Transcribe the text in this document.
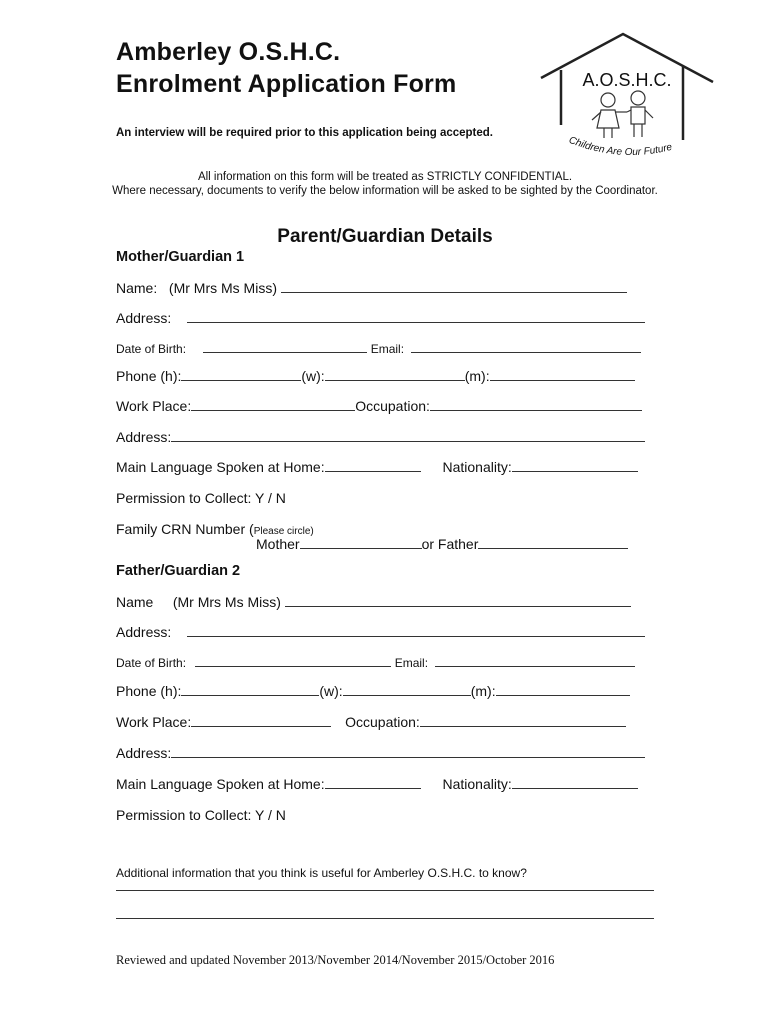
Amberley O.S.H.C.
Enrolment Application Form
An interview will be required prior to this application being accepted.
A.O.S.H.C.
Children Are Our Future
All information on this form will be treated as STRICTLY CONFIDENTIAL.
Where necessary, documents to verify the below information will be asked to be sighted by the Coordinator.
Parent/Guardian Details
Mother/Guardian 1
Name: (Mr Mrs Ms Miss)
Address:
Date of Birth:	Email:
Phone (h):	(w):	(m):
Work Place:	Occupation:
Address:
Main Language Spoken at Home:	Nationality:
Permission to Collect: Y / N
Family CRN Number (Please circle)
Mother	or Father
Father/Guardian 2
Name (Mr Mrs Ms Miss)
Address:
Date of Birth:	Email:
Phone (h):	(w):	(m):
Work Place:	Occupation:
Address:
Main Language Spoken at Home:	Nationality:
Permission to Collect: Y / N
Additional information that you think is useful for Amberley O.S.H.C. to know?
Reviewed and updated November 2013/November 2014/November 2015/October 2016
